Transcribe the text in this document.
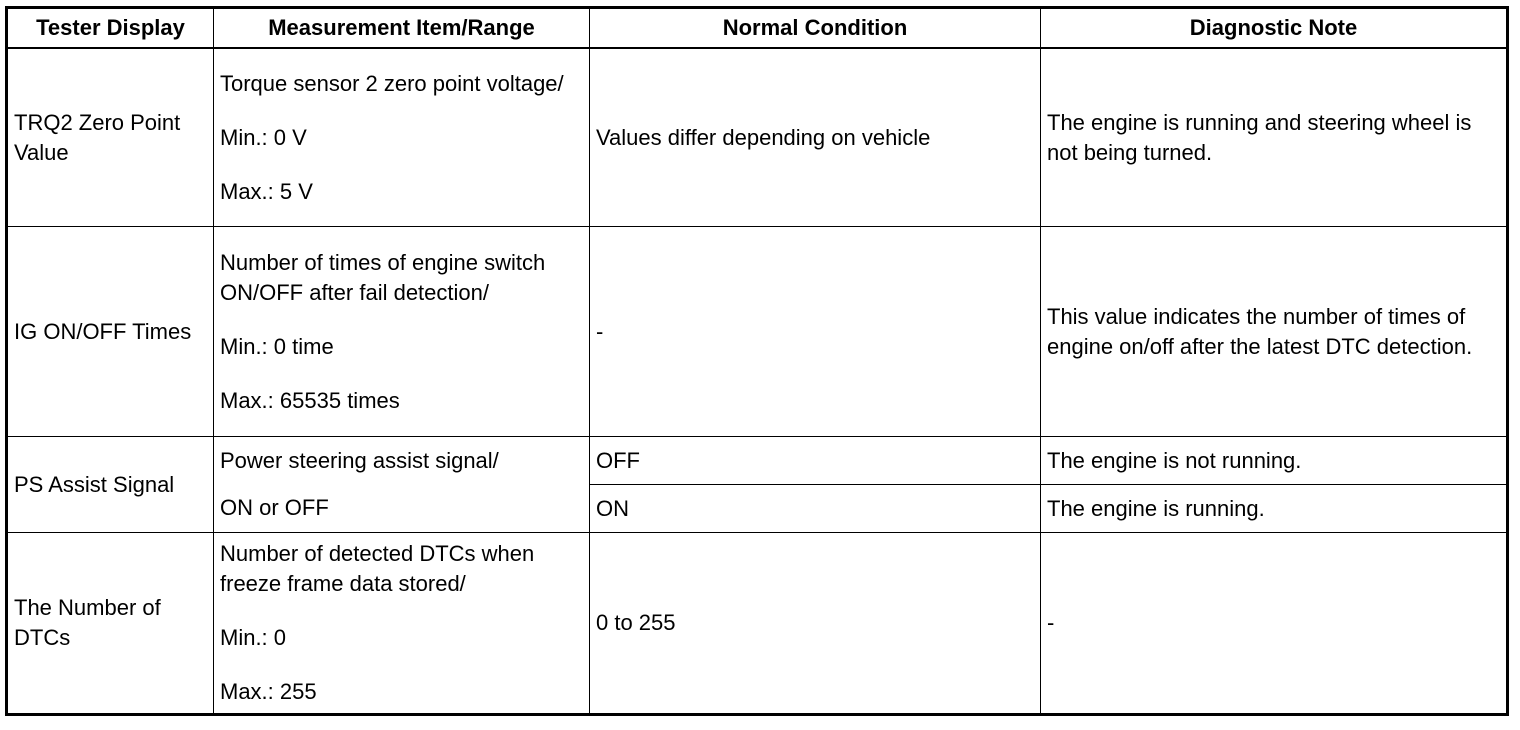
Tester Display	Measurement Item/Range	Normal Condition	Diagnostic Note
TRQ2 Zero Point Value	Torque sensor 2 zero point voltage/
Min.: 0 V
Max.: 5 V	Values differ depending on vehicle	The engine is running and steering wheel is not being turned.
IG ON/OFF Times	Number of times of engine switch ON/OFF after fail detection/
Min.: 0 time
Max.: 65535 times	-	This value indicates the number of times of engine on/off after the latest DTC detection.
PS Assist Signal	Power steering assist signal/	OFF	The engine is not running.

	ON or OFF	ON	The engine is running.
The Number of DTCs	Number of detected DTCs when freeze frame data stored/
Min.: 0
Max.: 255	0 to 255	-
